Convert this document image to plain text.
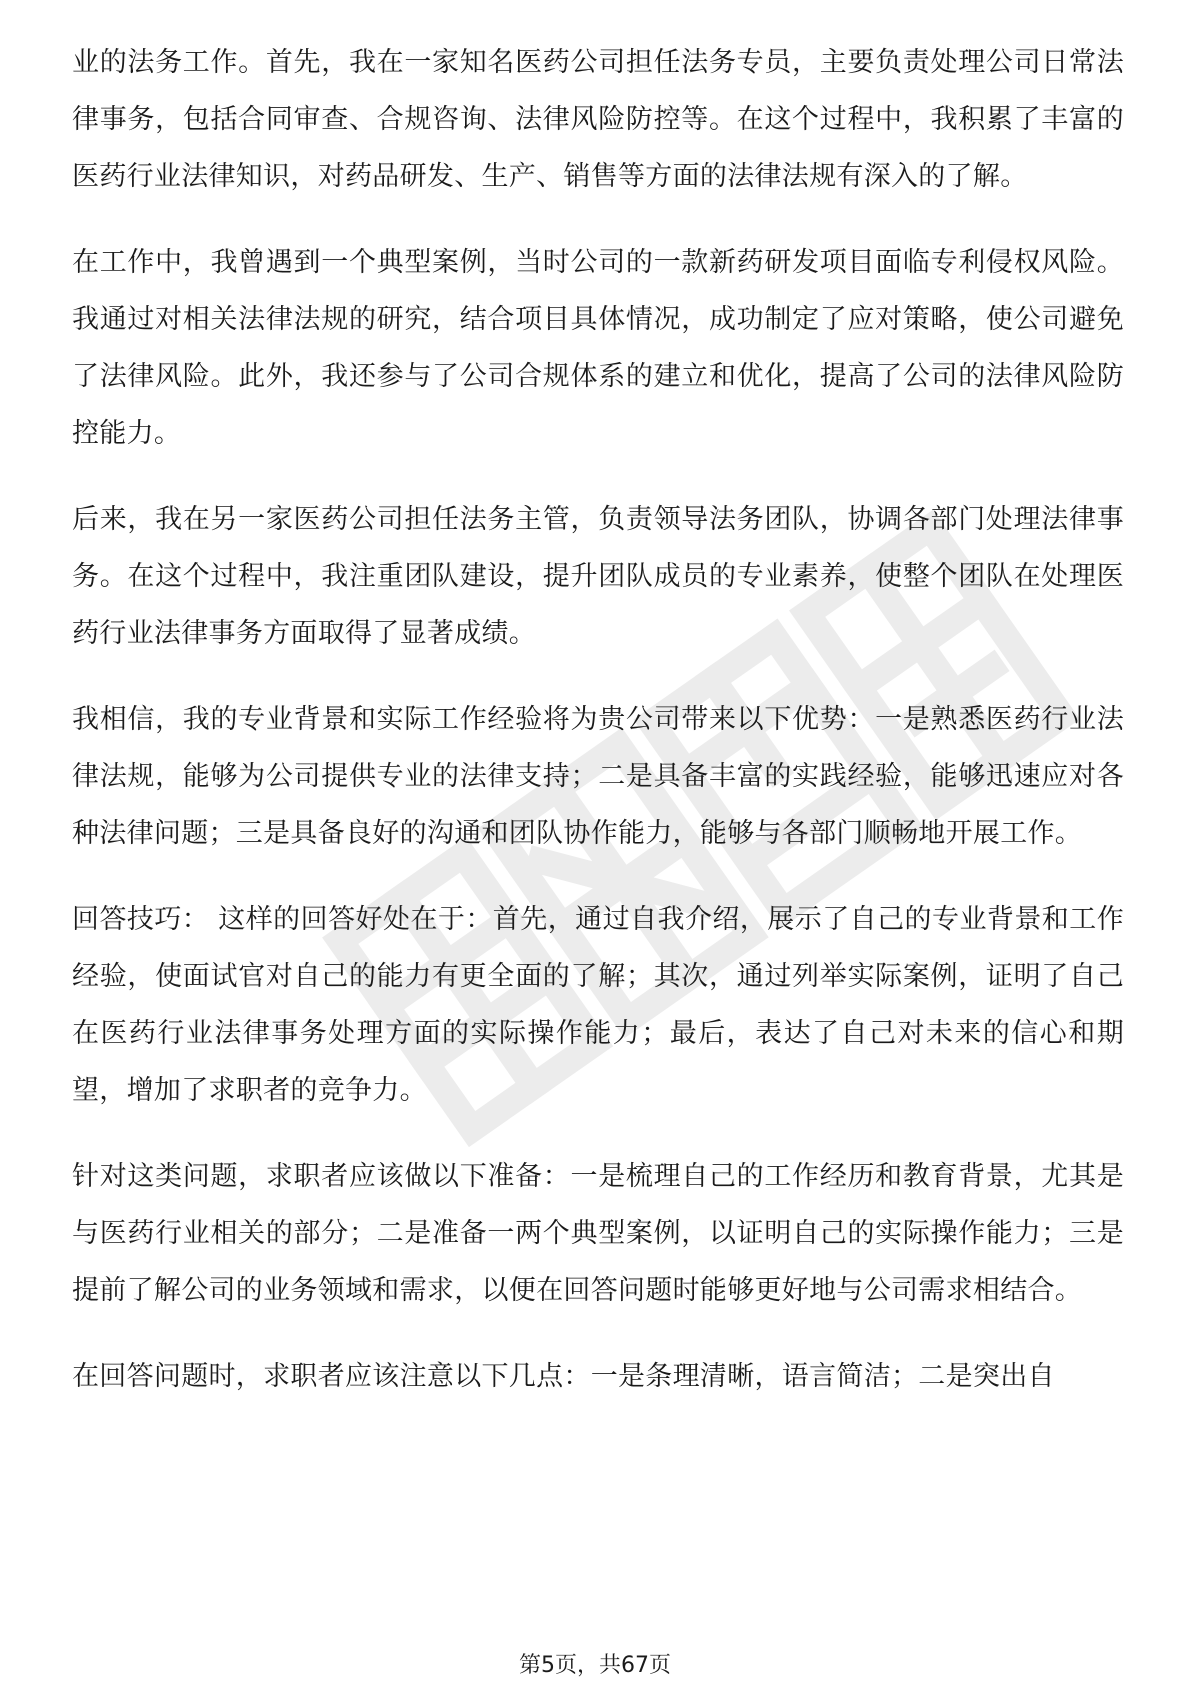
业的法务工作。首先，我在一家知名医药公司担任法务专员，主要负责处理公司日常法律事务，包括合同审查、合规咨询、法律风险防控等。在这个过程中，我积累了丰富的医药行业法律知识，对药品研发、生产、销售等方面的法律法规有深入的了解。

在工作中，我曾遇到一个典型案例，当时公司的一款新药研发项目面临专利侵权风险。我通过对相关法律法规的研究，结合项目具体情况，成功制定了应对策略，使公司避免了法律风险。此外，我还参与了公司合规体系的建立和优化，提高了公司的法律风险防控能力。

后来，我在另一家医药公司担任法务主管，负责领导法务团队，协调各部门处理法律事务。在这个过程中，我注重团队建设，提升团队成员的专业素养，使整个团队在处理医药行业法律事务方面取得了显著成绩。

我相信，我的专业背景和实际工作经验将为贵公司带来以下优势：一是熟悉医药行业法律法规，能够为公司提供专业的法律支持；二是具备丰富的实践经验，能够迅速应对各种法律问题；三是具备良好的沟通和团队协作能力，能够与各部门顺畅地开展工作。

回答技巧： 这样的回答好处在于：首先，通过自我介绍，展示了自己的专业背景和工作经验，使面试官对自己的能力有更全面的了解；其次，通过列举实际案例，证明了自己在医药行业法律事务处理方面的实际操作能力；最后，表达了自己对未来的信心和期望，增加了求职者的竞争力。

针对这类问题，求职者应该做以下准备：一是梳理自己的工作经历和教育背景，尤其是与医药行业相关的部分；二是准备一两个典型案例，以证明自己的实际操作能力；三是提前了解公司的业务领域和需求，以便在回答问题时能够更好地与公司需求相结合。

在回答问题时，求职者应该注意以下几点：一是条理清晰，语言简洁；二是突出自

第5页，共67页
